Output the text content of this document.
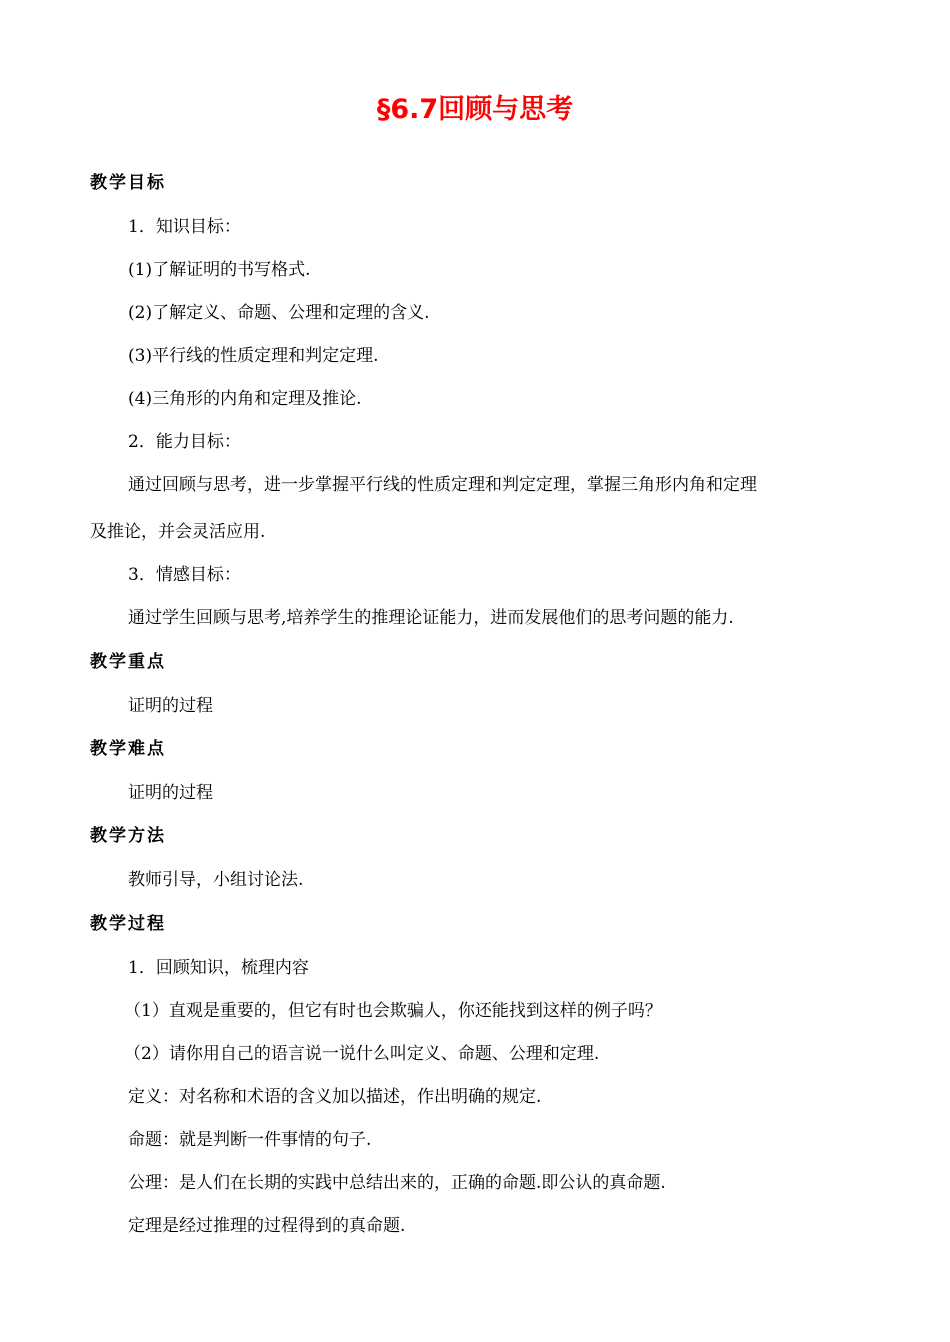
§6.7回顾与思考
教学目标
1．知识目标：
(1)了解证明的书写格式.
(2)了解定义、命题、公理和定理的含义.
(3)平行线的性质定理和判定定理.
(4)三角形的内角和定理及推论.
2．能力目标：
通过回顾与思考，进一步掌握平行线的性质定理和判定定理，掌握三角形内角和定理
及推论，并会灵活应用.
3．情感目标：
通过学生回顾与思考,培养学生的推理论证能力，进而发展他们的思考问题的能力.
教学重点
证明的过程
教学难点
证明的过程
教学方法
教师引导，小组讨论法.
教学过程
1．回顾知识，梳理内容
（1）直观是重要的，但它有时也会欺骗人，你还能找到这样的例子吗？
（2）请你用自己的语言说一说什么叫定义、命题、公理和定理.
定义：对名称和术语的含义加以描述，作出明确的规定.
命题：就是判断一件事情的句子.
公理：是人们在长期的实践中总结出来的，正确的命题.即公认的真命题.
定理是经过推理的过程得到的真命题.
